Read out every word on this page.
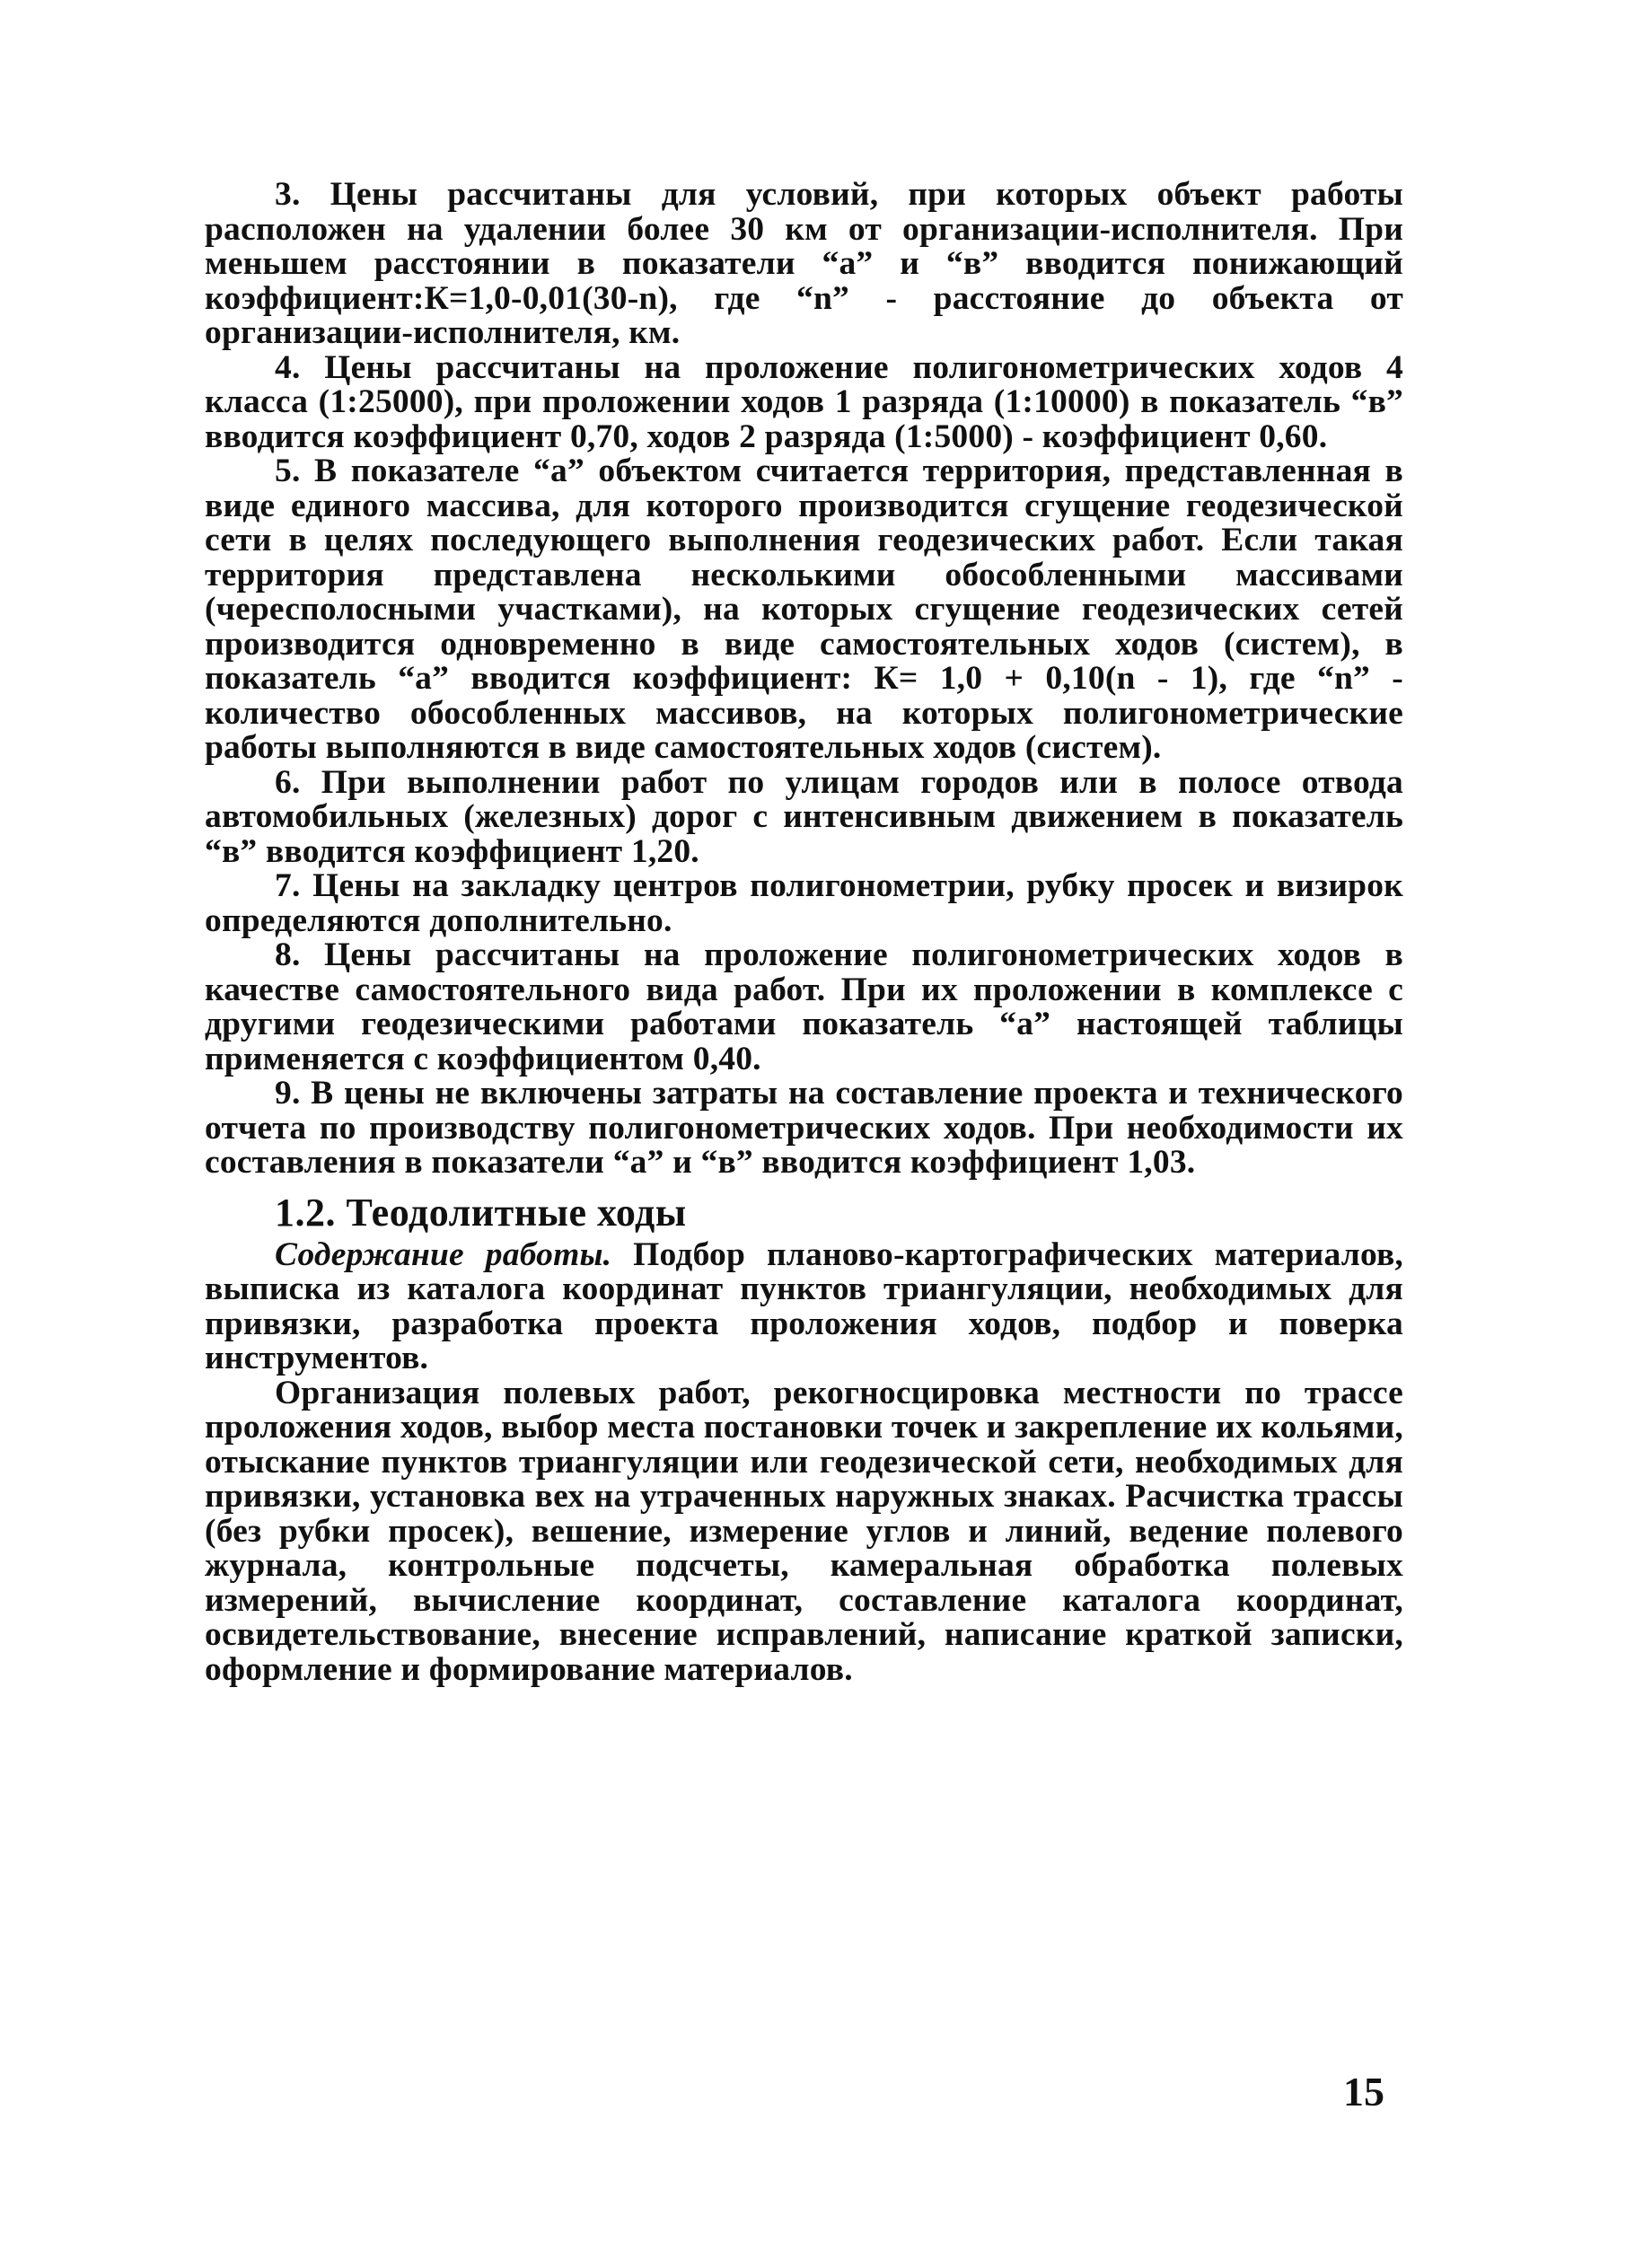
3. Цены рассчитаны для условий, при которых объект работы расположен на удалении более 30 км от организации-исполнителя. При меньшем расстоянии в показатели “а” и “в” вводится понижающий коэффициент:К=1,0-0,01(30-n), где “n” - расстояние до объекта от организации-исполнителя, км.

4. Цены рассчитаны на проложение полигонометрических ходов 4 класса (1:25000), при проложении ходов 1 разряда (1:10000) в показатель “в” вводится коэффициент 0,70, ходов 2 разряда (1:5000) - коэффициент 0,60.

5. В показателе “а” объектом считается территория, представленная в виде единого массива, для которого производится сгущение геодезической сети в целях последующего выполнения геодезических работ. Если такая территория представлена несколькими обособленными массивами (чересполосными участками), на которых сгущение геодезических сетей производится одновременно в виде самостоятельных ходов (систем), в показатель “а” вводится коэффициент: К= 1,0 + 0,10(n - 1), где “n” - количество обособленных массивов, на которых полигонометрические работы выполняются в виде самостоятельных ходов (систем).

6. При выполнении работ по улицам городов или в полосе отвода автомобильных (железных) дорог с интенсивным движением в показатель “в” вводится коэффициент 1,20.

7. Цены на закладку центров полигонометрии, рубку просек и визирок определяются дополнительно.

8. Цены рассчитаны на проложение полигонометрических ходов в качестве самостоятельного вида работ. При их проложении в комплексе с другими геодезическими работами показатель “а” настоящей таблицы применяется с коэффициентом 0,40.

9. В цены не включены затраты на составление проекта и технического отчета по производству полигонометрических ходов. При необходимости их составления в показатели “а” и “в” вводится коэффициент 1,03.

1.2. Теодолитные ходы

Содержание работы. Подбор планово-картографических материалов, выписка из каталога координат пунктов триангуляции, необходимых для привязки, разработка проекта проложения ходов, подбор и поверка инструментов.

Организация полевых работ, рекогносцировка местности по трассе проложения ходов, выбор места постановки точек и закрепление их кольями, отыскание пунктов триангуляции или геодезической сети, необходимых для привязки, установка вех на утраченных наружных знаках. Расчистка трассы (без рубки просек), вешение, измерение углов и линий, ведение полевого журнала, контрольные подсчеты, камеральная обработка полевых измерений, вычисление координат, составление каталога координат, освидетельствование, внесение исправлений, написание краткой записки, оформление и формирование материалов.

15
